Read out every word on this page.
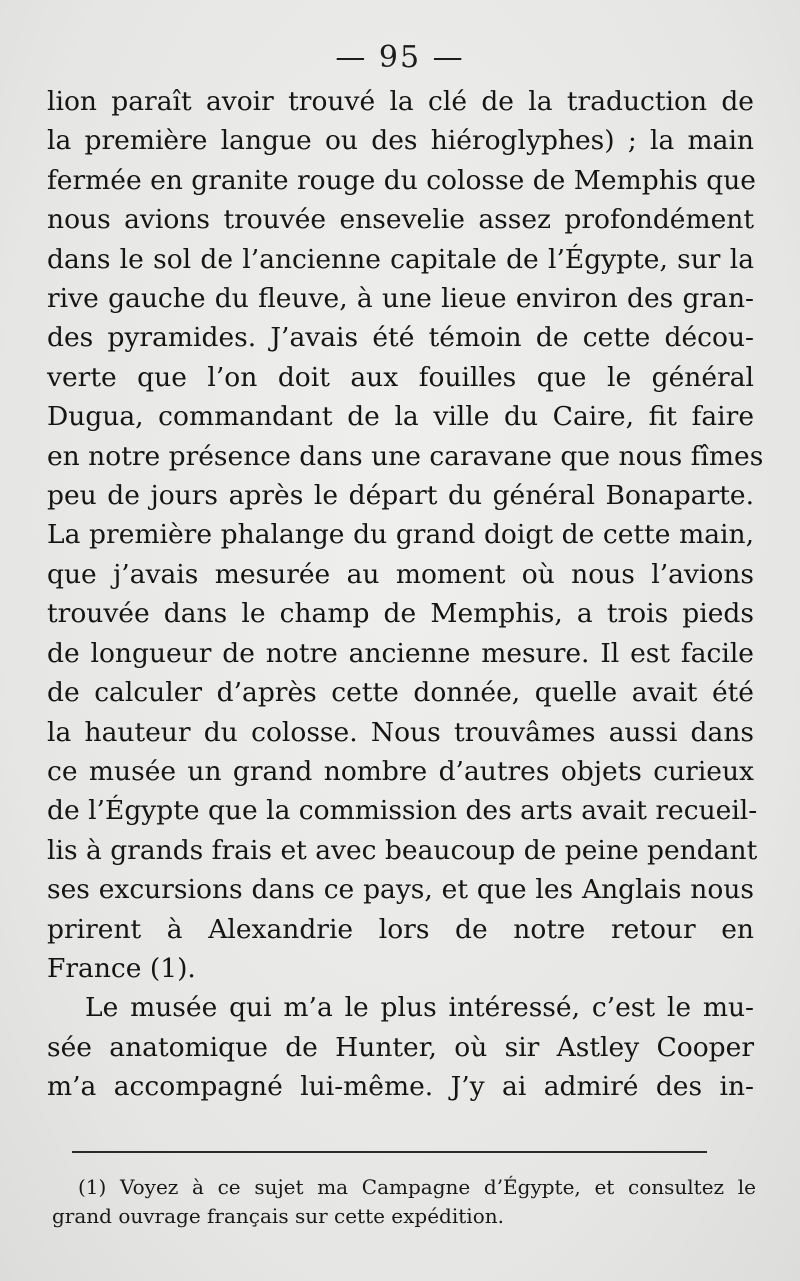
— 95 —
lion paraît avoir trouvé la clé de la traduction de
la première langue ou des hiéroglyphes) ; la main
fermée en granite rouge du colosse de Memphis que
nous avions trouvée ensevelie assez profondément
dans le sol de l’ancienne capitale de l’Égypte, sur la
rive gauche du fleuve, à une lieue environ des gran-
des pyramides. J’avais été témoin de cette décou-
verte que l’on doit aux fouilles que le général
Dugua, commandant de la ville du Caire, fit faire
en notre présence dans une caravane que nous fîmes
peu de jours après le départ du général Bonaparte.
La première phalange du grand doigt de cette main,
que j’avais mesurée au moment où nous l’avions
trouvée dans le champ de Memphis, a trois pieds
de longueur de notre ancienne mesure. Il est facile
de calculer d’après cette donnée, quelle avait été
la hauteur du colosse. Nous trouvâmes aussi dans
ce musée un grand nombre d’autres objets curieux
de l’Égypte que la commission des arts avait recueil-
lis à grands frais et avec beaucoup de peine pendant
ses excursions dans ce pays, et que les Anglais nous
prirent à Alexandrie lors de notre retour en
France (1).
Le musée qui m’a le plus intéressé, c’est le mu-
sée anatomique de Hunter, où sir Astley Cooper
m’a accompagné lui-même. J’y ai admiré des in-
(1) Voyez à ce sujet ma Campagne d’Égypte, et consultez le
grand ouvrage français sur cette expédition.
